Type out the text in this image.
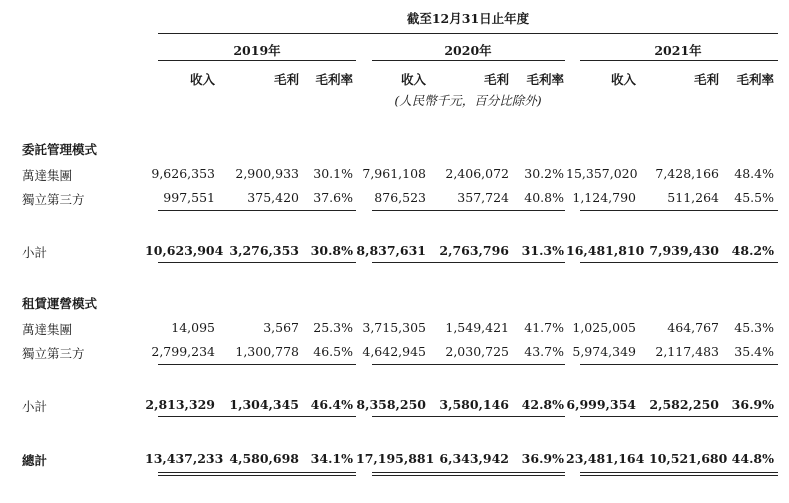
截至12月31日止年度
2019年	2020年	2021年
收入	毛利	毛利率	收入	毛利	毛利率	收入	毛利	毛利率
(人民幣千元，百分比除外)
委託管理模式
萬達集團	9,626,353	2,900,933	30.1% 7,961,108	2,406,072	30.2% 15,357,020	7,428,166	48.4%
獨立第三方	997,551	375,420	37.6%	876,523	357,724	40.8% 1,124,790	511,264	45.5%
小計	10,623,904 3,276,353 30.8% 8,837,631 2,763,796	31.3% 16,481,810 7,939,430	48.2%
租賃運營模式
萬達集團	14,095	3,567	25.3% 3,715,305	1,549,421	41.7% 1,025,005	464,767	45.3%
獨立第三方	2,799,234	1,300,778	46.5% 4,642,945	2,030,725	43.7% 5,974,349	2,117,483	35.4%
小計	2,813,329 1,304,345 46.4% 8,358,250 3,580,146	42.8% 6,999,354 2,582,250	36.9%
總計	13,437,233 4,580,698 34.1% 17,195,881 6,343,942	36.9% 23,481,164 10,521,680 44.8%
